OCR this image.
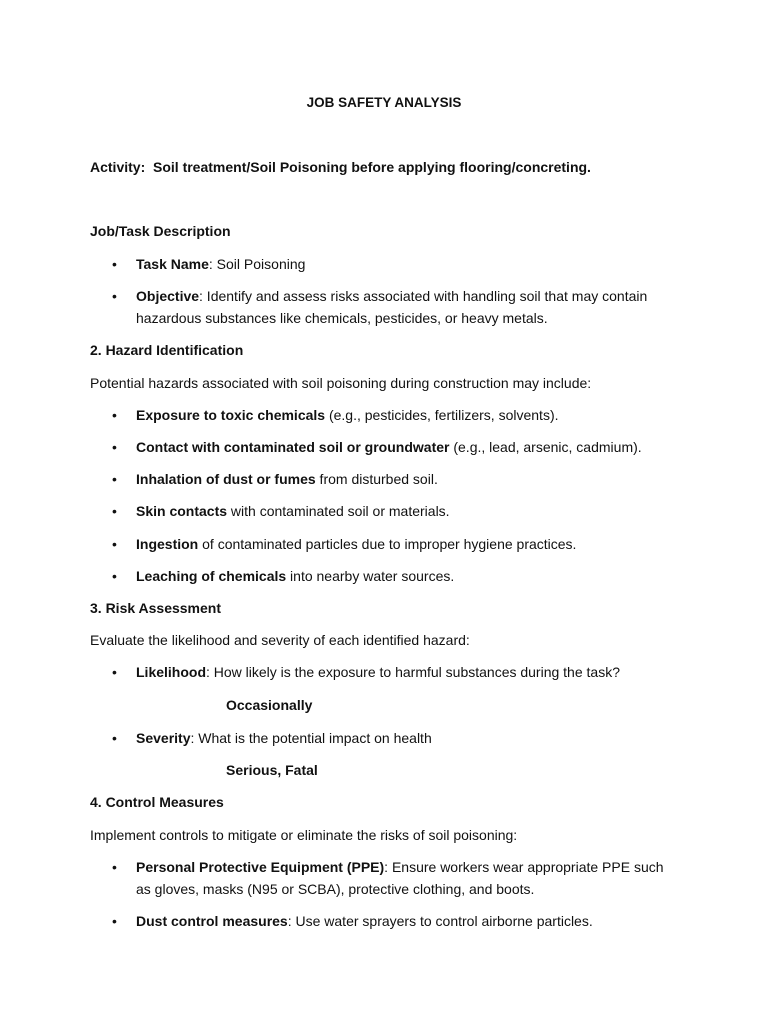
JOB SAFETY ANALYSIS
Activity: Soil treatment/Soil Poisoning before applying flooring/concreting.
Job/Task Description
• Task Name: Soil Poisoning
• Objective: Identify and assess risks associated with handling soil that may contain hazardous substances like chemicals, pesticides, or heavy metals.
2. Hazard Identification
Potential hazards associated with soil poisoning during construction may include:
• Exposure to toxic chemicals (e.g., pesticides, fertilizers, solvents).
• Contact with contaminated soil or groundwater (e.g., lead, arsenic, cadmium).
• Inhalation of dust or fumes from disturbed soil.
• Skin contacts with contaminated soil or materials.
• Ingestion of contaminated particles due to improper hygiene practices.
• Leaching of chemicals into nearby water sources.
3. Risk Assessment
Evaluate the likelihood and severity of each identified hazard:
• Likelihood: How likely is the exposure to harmful substances during the task?
Occasionally
• Severity: What is the potential impact on health
Serious, Fatal
4. Control Measures
Implement controls to mitigate or eliminate the risks of soil poisoning:
• Personal Protective Equipment (PPE): Ensure workers wear appropriate PPE such as gloves, masks (N95 or SCBA), protective clothing, and boots.
• Dust control measures: Use water sprayers to control airborne particles.
